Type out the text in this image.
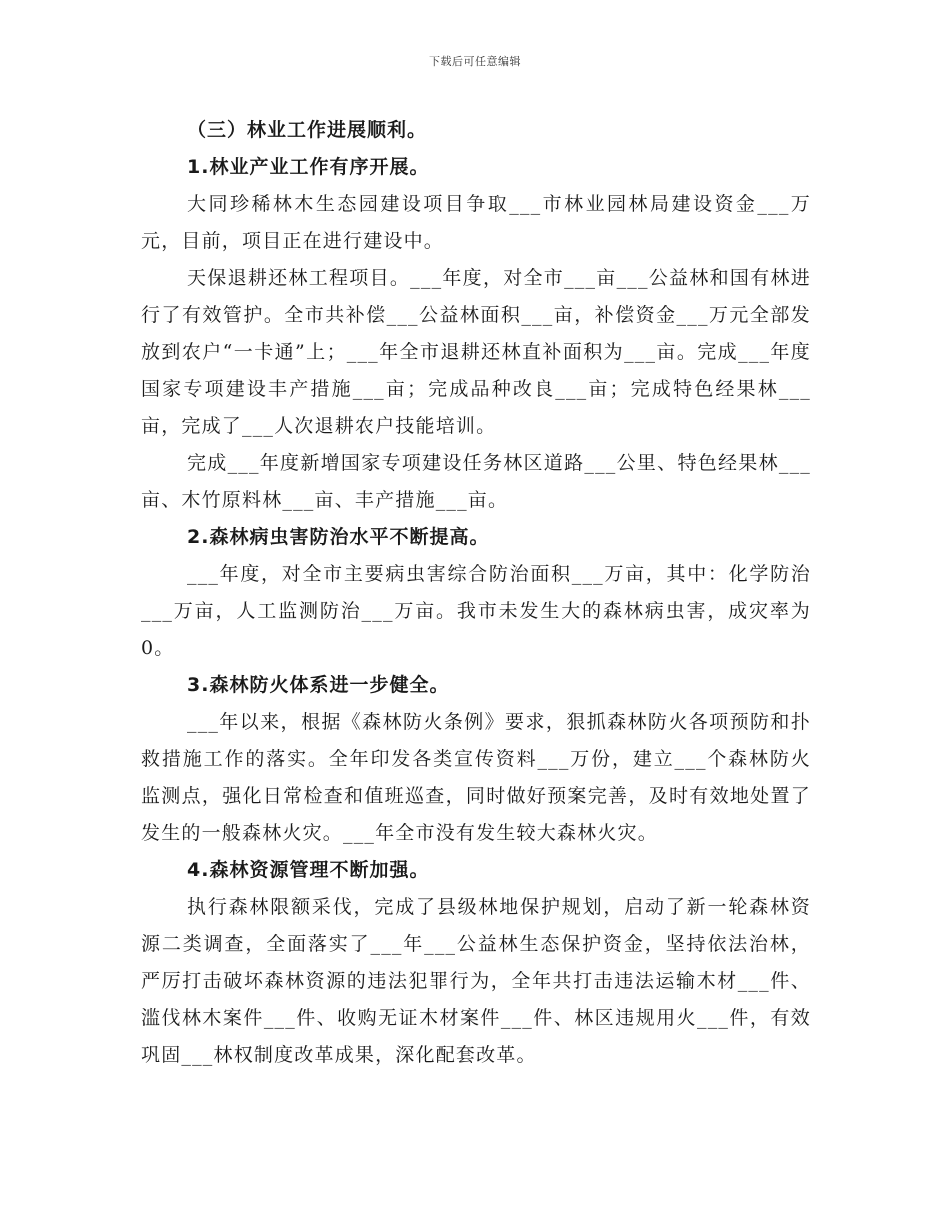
下载后可任意编辑

（三）林业工作进展顺利。

1.林业产业工作有序开展。

大同珍稀林木生态园建设项目争取___市林业园林局建设资金___万元，目前，项目正在进行建设中。

天保退耕还林工程项目。___年度，对全市___亩___公益林和国有林进行了有效管护。全市共补偿___公益林面积___亩，补偿资金___万元全部发放到农户“一卡通”上；___年全市退耕还林直补面积为___亩。完成___年度国家专项建设丰产措施___亩；完成品种改良___亩；完成特色经果林___亩，完成了___人次退耕农户技能培训。

完成___年度新增国家专项建设任务林区道路___公里、特色经果林___亩、木竹原料林___亩、丰产措施___亩。

2.森林病虫害防治水平不断提高。

___年度，对全市主要病虫害综合防治面积___万亩，其中：化学防治___万亩，人工监测防治___万亩。我市未发生大的森林病虫害，成灾率为0。

3.森林防火体系进一步健全。

___年以来，根据《森林防火条例》要求，狠抓森林防火各项预防和扑救措施工作的落实。全年印发各类宣传资料___万份，建立___个森林防火监测点，强化日常检查和值班巡查，同时做好预案完善，及时有效地处置了发生的一般森林火灾。___年全市没有发生较大森林火灾。

4.森林资源管理不断加强。

执行森林限额采伐，完成了县级林地保护规划，启动了新一轮森林资源二类调查，全面落实了___年___公益林生态保护资金，坚持依法治林，严厉打击破坏森林资源的违法犯罪行为，全年共打击违法运输木材___件、滥伐林木案件___件、收购无证木材案件___件、林区违规用火___件，有效巩固___林权制度改革成果，深化配套改革。
